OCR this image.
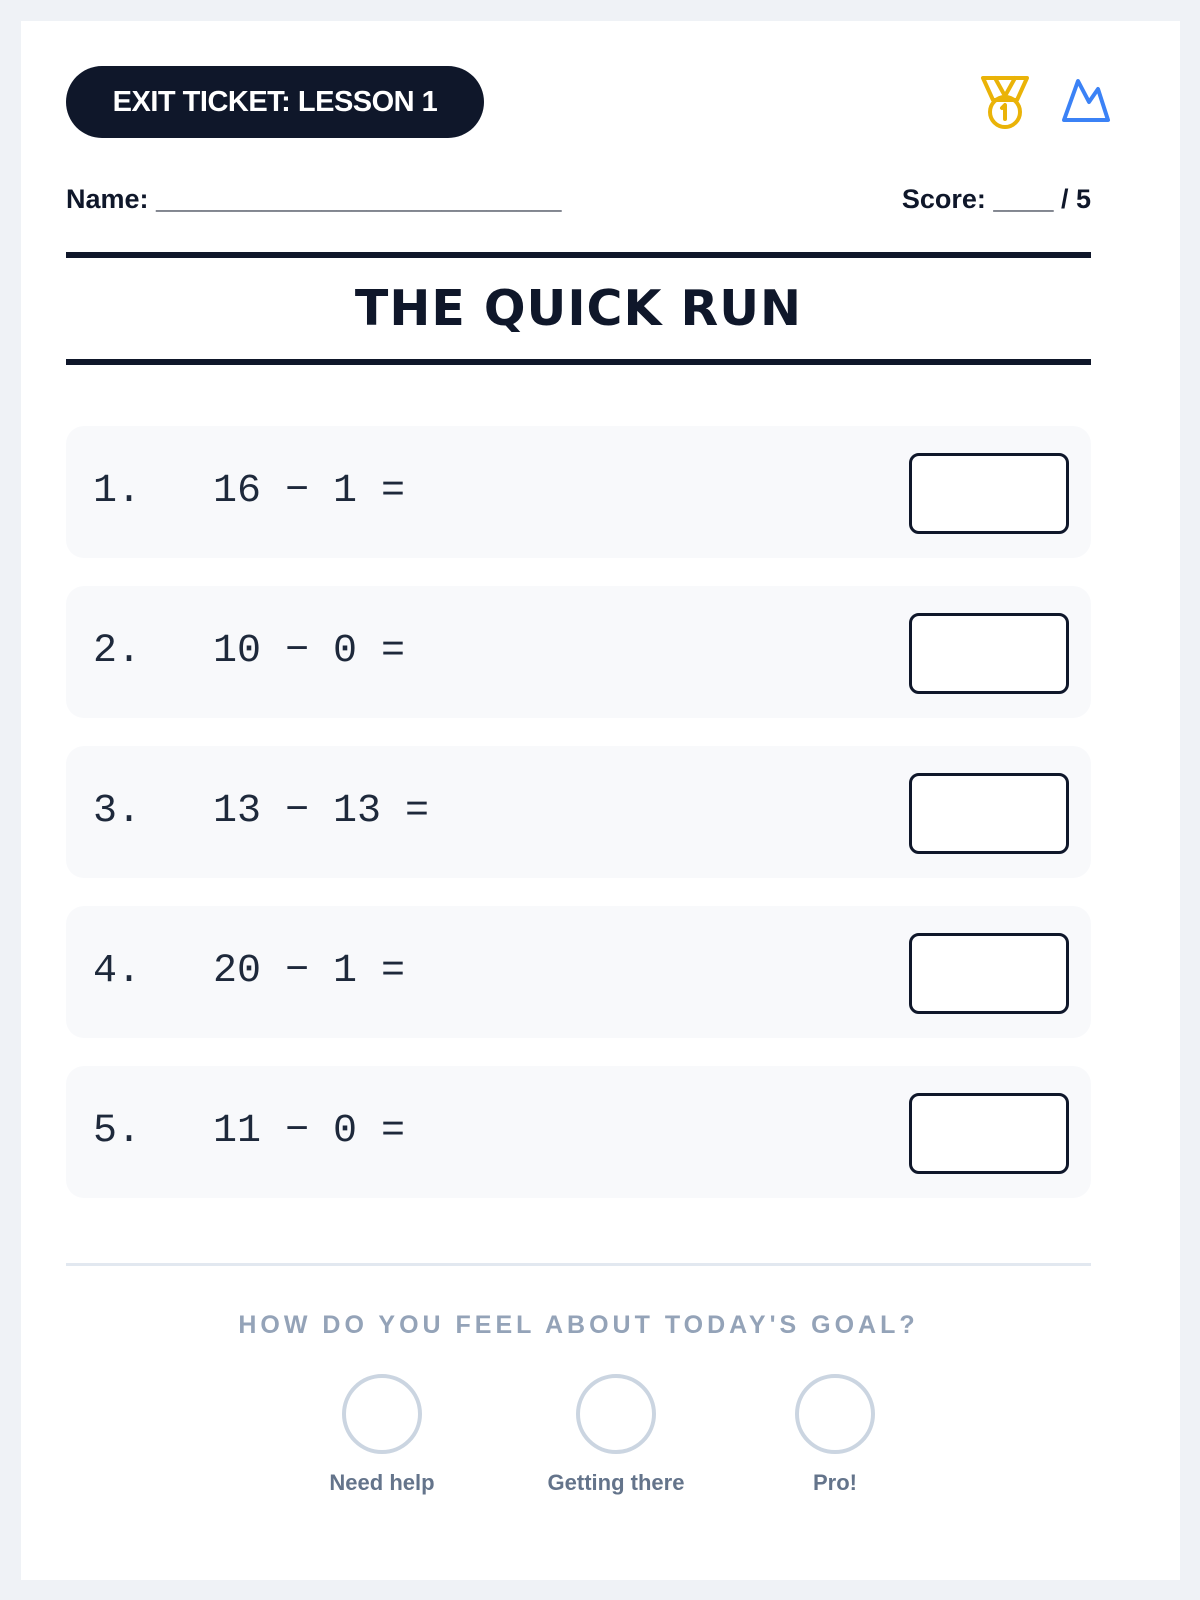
EXIT TICKET: LESSON 1
Name: ___________________________	Score: ____ / 5
THE QUICK RUN
1. 16 − 1 =
2. 10 − 0 =
3. 13 − 13 =
4. 20 − 1 =
5. 11 − 0 =
HOW DO YOU FEEL ABOUT TODAY'S GOAL?
Need help	Getting there	Pro!
